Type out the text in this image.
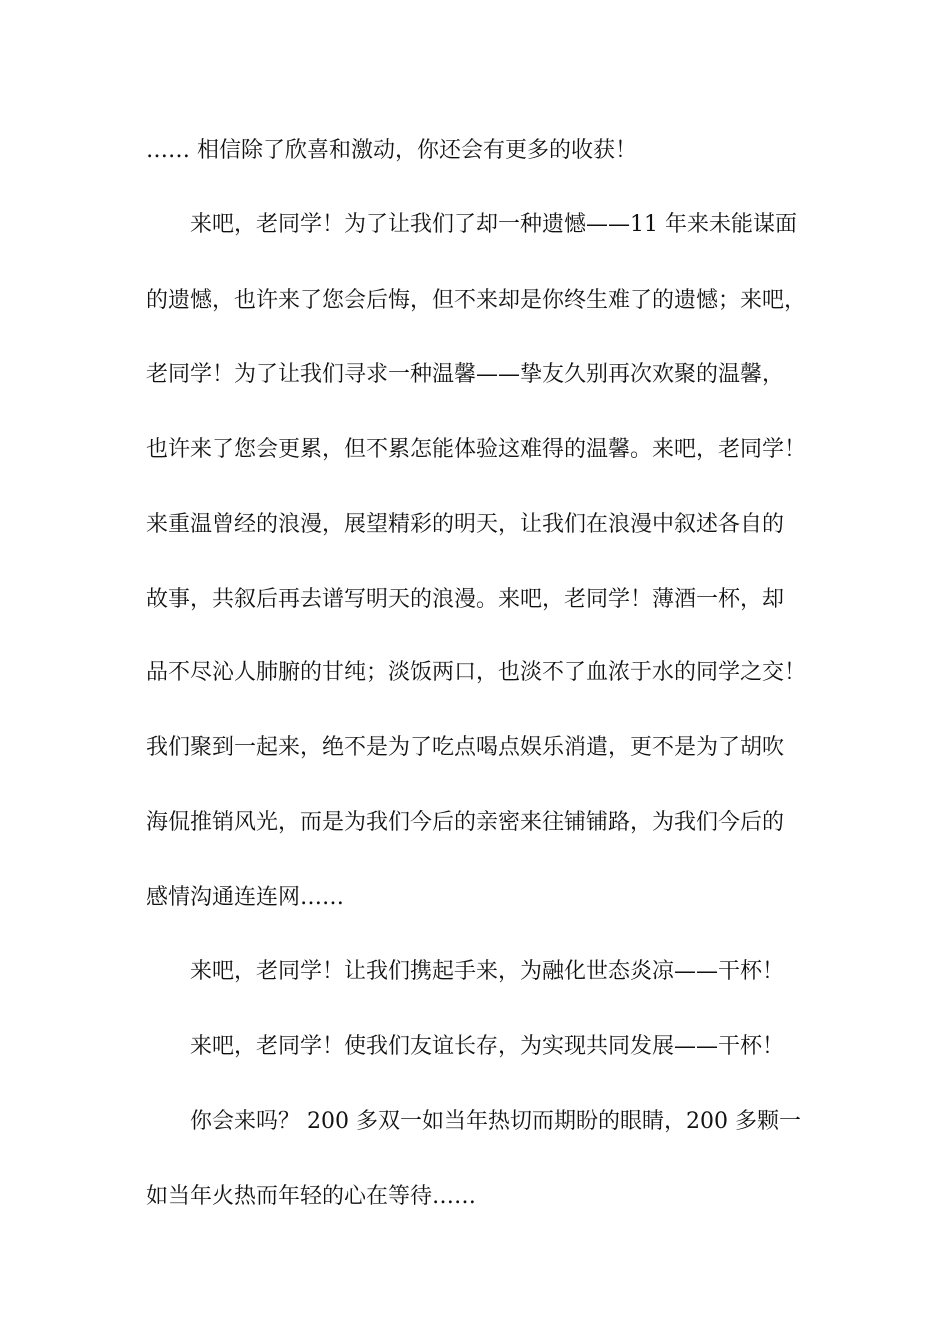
…… 相信除了欣喜和激动，你还会有更多的收获！
来吧，老同学！为了让我们了却一种遗憾——11 年来未能谋面
的遗憾，也许来了您会后悔，但不来却是你终生难了的遗憾；来吧，
老同学！为了让我们寻求一种温馨——挚友久别再次欢聚的温馨，
也许来了您会更累，但不累怎能体验这难得的温馨。来吧，老同学！
来重温曾经的浪漫，展望精彩的明天，让我们在浪漫中叙述各自的
故事，共叙后再去谱写明天的浪漫。来吧，老同学！薄酒一杯，却
品不尽沁人肺腑的甘纯；淡饭两口，也淡不了血浓于水的同学之交！
我们聚到一起来，绝不是为了吃点喝点娱乐消遣，更不是为了胡吹
海侃推销风光，而是为我们今后的亲密来往铺铺路，为我们今后的
感情沟通连连网……
来吧，老同学！让我们携起手来，为融化世态炎凉——干杯！
来吧，老同学！使我们友谊长存，为实现共同发展——干杯！
你会来吗？ 200 多双一如当年热切而期盼的眼睛，200 多颗一
如当年火热而年轻的心在等待……
